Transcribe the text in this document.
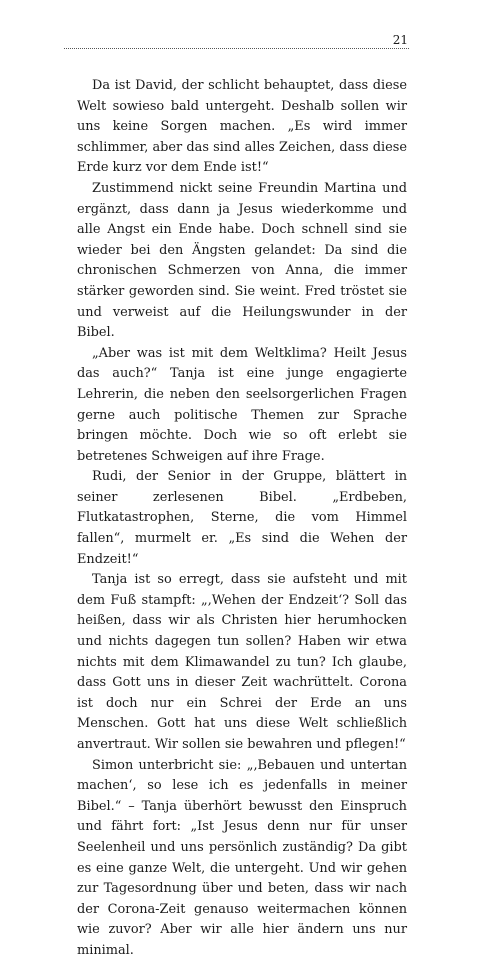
21

Da ist David, der schlicht behauptet, dass diese Welt sowieso bald untergeht. Deshalb sollen wir uns keine Sorgen machen. „Es wird immer schlimmer, aber das sind alles Zeichen, dass diese Erde kurz vor dem Ende ist!“

Zustimmend nickt seine Freundin Martina und ergänzt, dass dann ja Jesus wiederkomme und alle Angst ein Ende habe. Doch schnell sind sie wieder bei den Ängsten gelandet: Da sind die chronischen Schmerzen von Anna, die immer stärker geworden sind. Sie weint. Fred tröstet sie und verweist auf die Heilungswunder in der Bibel.

„Aber was ist mit dem Weltklima? Heilt Jesus das auch?“ Tanja ist eine junge engagierte Lehrerin, die neben den seelsorgerlichen Fragen gerne auch politische Themen zur Sprache bringen möchte. Doch wie so oft erlebt sie betretenes Schweigen auf ihre Frage.

Rudi, der Senior in der Gruppe, blättert in seiner zerlesenen Bibel. „Erdbeben, Flutkatastrophen, Sterne, die vom Himmel fallen“, murmelt er. „Es sind die Wehen der Endzeit!“

Tanja ist so erregt, dass sie aufsteht und mit dem Fuß stampft: „‚Wehen der Endzeit‘? Soll das heißen, dass wir als Christen hier herumhocken und nichts dagegen tun sollen? Haben wir etwa nichts mit dem Klimawandel zu tun? Ich glaube, dass Gott uns in dieser Zeit wachrüttelt. Corona ist doch nur ein Schrei der Erde an uns Menschen. Gott hat uns diese Welt schließlich anvertraut. Wir sollen sie bewahren und pflegen!“

Simon unterbricht sie: „‚Bebauen und untertan machen‘, so lese ich es jedenfalls in meiner Bibel.“ – Tanja überhört bewusst den Einspruch und fährt fort: „Ist Jesus denn nur für unser Seelenheil und uns persönlich zuständig? Da gibt es eine ganze Welt, die untergeht. Und wir gehen zur Tagesordnung über und beten, dass wir nach der Corona-Zeit genauso weitermachen können wie zuvor? Aber wir alle hier ändern uns nur minimal.
